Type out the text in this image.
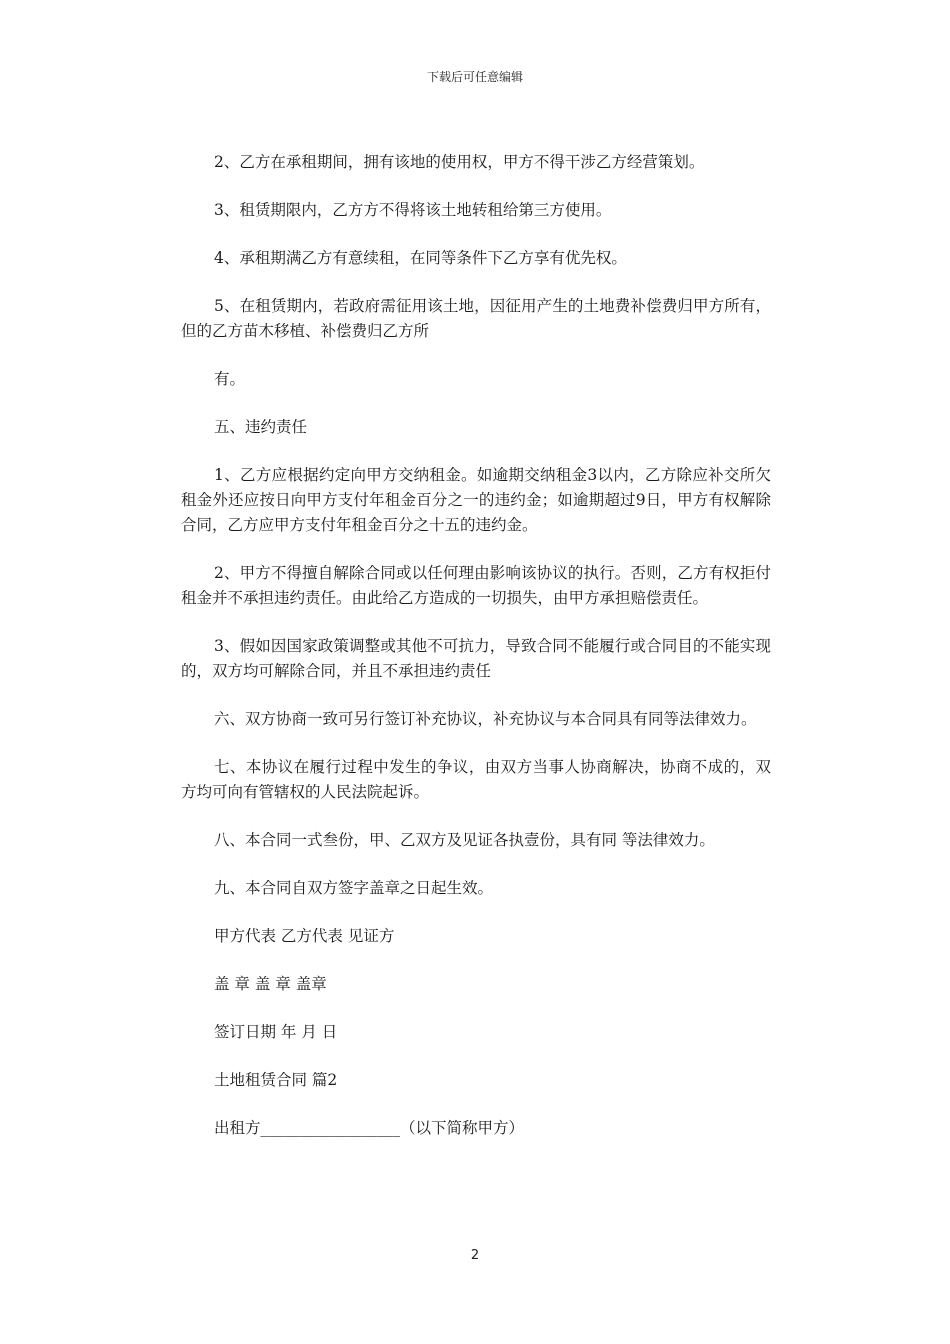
下载后可任意编辑

2、乙方在承租期间，拥有该地的使用权，甲方不得干涉乙方经营策划。

3、租赁期限内，乙方方不得将该土地转租给第三方使用。

4、承租期满乙方有意续租，在同等条件下乙方享有优先权。

5、在租赁期内，若政府需征用该土地，因征用产生的土地费补偿费归甲方所有，但的乙方苗木移植、补偿费归乙方所

有。

五、违约责任

1、乙方应根据约定向甲方交纳租金。如逾期交纳租金3以内，乙方除应补交所欠租金外还应按日向甲方支付年租金百分之一的违约金；如逾期超过9日，甲方有权解除合同，乙方应甲方支付年租金百分之十五的违约金。

2、甲方不得擅自解除合同或以任何理由影响该协议的执行。否则，乙方有权拒付租金并不承担违约责任。由此给乙方造成的一切损失，由甲方承担赔偿责任。

3、假如因国家政策调整或其他不可抗力，导致合同不能履行或合同目的不能实现的，双方均可解除合同，并且不承担违约责任

六、双方协商一致可另行签订补充协议，补充协议与本合同具有同等法律效力。

七、本协议在履行过程中发生的争议，由双方当事人协商解决，协商不成的，双方均可向有管辖权的人民法院起诉。

八、本合同一式叁份，甲、乙双方及见证各执壹份，具有同 等法律效力。

九、本合同自双方签字盖章之日起生效。

甲方代表 乙方代表 见证方

盖 章 盖 章 盖章

签订日期 年 月 日

土地租赁合同 篇2

出租方__________________（以下简称甲方）

2
